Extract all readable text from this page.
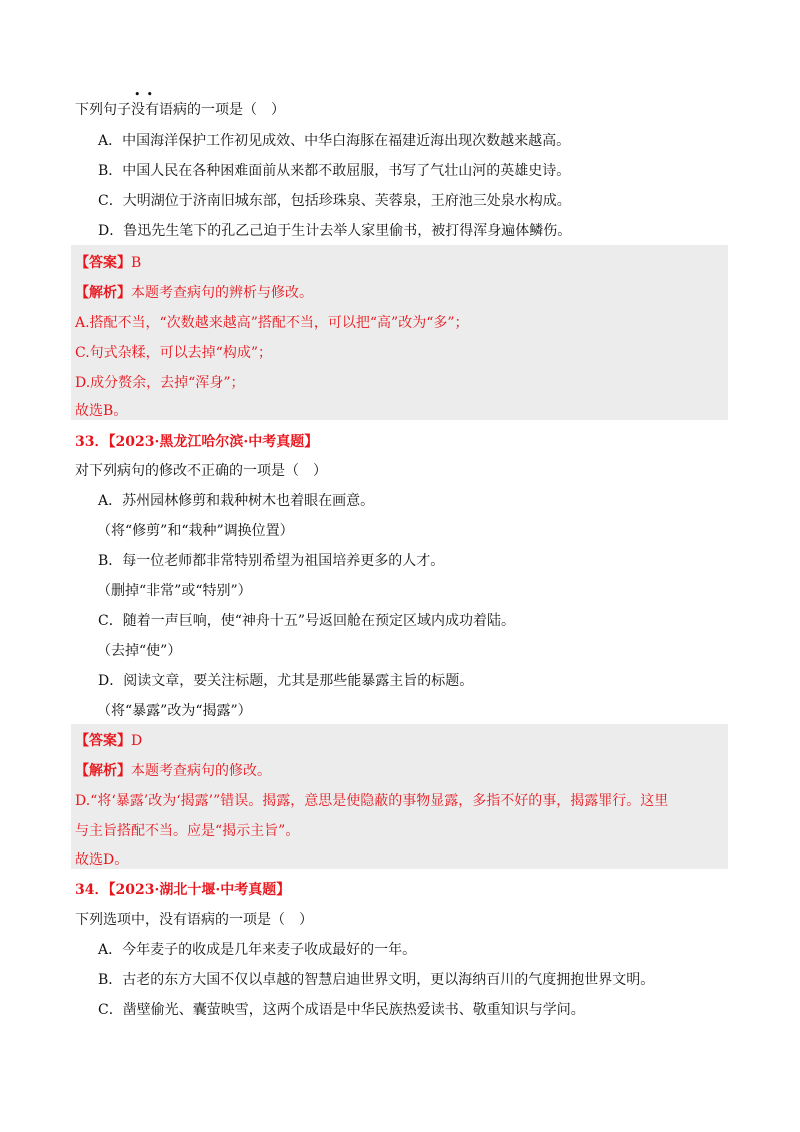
••
下列句子没有语病的一项是（　）
A．中国海洋保护工作初见成效、中华白海豚在福建近海出现次数越来越高。
B．中国人民在各种困难面前从来都不敢屈服，书写了气壮山河的英雄史诗。
C．大明湖位于济南旧城东部，包括珍珠泉、芙蓉泉，王府池三处泉水构成。
D．鲁迅先生笔下的孔乙己迫于生计去举人家里偷书，被打得浑身遍体鳞伤。
【答案】B
【解析】本题考查病句的辨析与修改。
A.搭配不当，“次数越来越高”搭配不当，可以把“高”改为“多”；
C.句式杂糅，可以去掉“构成”；
D.成分赘余，去掉“浑身”；
故选B。
33．【2023·黑龙江哈尔滨·中考真题】
对下列病句的修改不正确的一项是（　）
A．苏州园林修剪和栽种树木也着眼在画意。
（将“修剪”和“栽种”调换位置）
B．每一位老师都非常特别希望为祖国培养更多的人才。
（删掉“非常”或“特别”）
C．随着一声巨响，使“神舟十五”号返回舱在预定区域内成功着陆。
（去掉“使”）
D．阅读文章，要关注标题，尤其是那些能暴露主旨的标题。
（将“暴露”改为“揭露”）
【答案】D
【解析】本题考查病句的修改。
D.“将‘暴露’改为‘揭露’”错误。揭露，意思是使隐蔽的事物显露，多指不好的事，揭露罪行。这里
与主旨搭配不当。应是“揭示主旨”。
故选D。
34．【2023·湖北十堰·中考真题】
下列选项中，没有语病的一项是（　）
A．今年麦子的收成是几年来麦子收成最好的一年。
B．古老的东方大国不仅以卓越的智慧启迪世界文明，更以海纳百川的气度拥抱世界文明。
C．凿壁偷光、囊萤映雪，这两个成语是中华民族热爱读书、敬重知识与学问。
